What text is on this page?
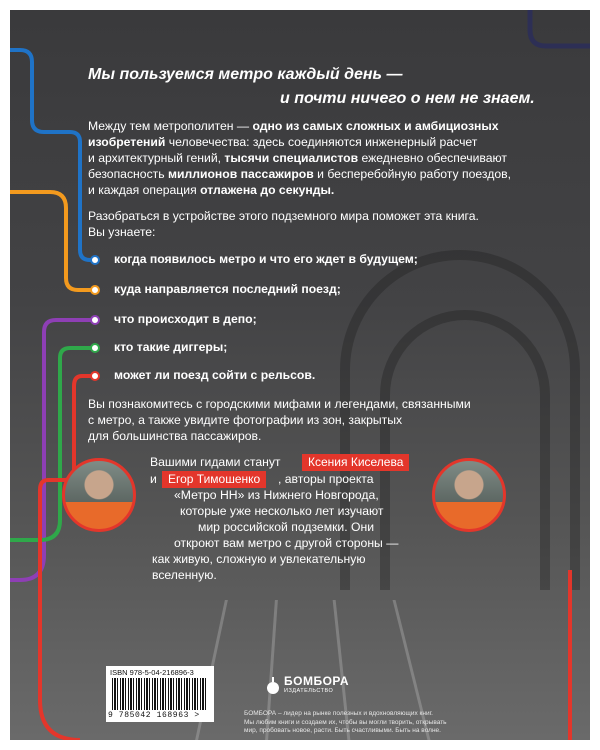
Мы пользуемся метро каждый день —
и почти ничего о нем не знаем.
Между тем метрополитен — одно из самых сложных и амбициозных
изобретений человечества: здесь соединяются инженерный расчет
и архитектурный гений, тысячи специалистов ежедневно обеспечивают
безопасность миллионов пассажиров и бесперебойную работу поездов,
и каждая операция отлажена до секунды.
Разобраться в устройстве этого подземного мира поможет эта книга.
Вы узнаете:
когда появилось метро и что его ждет в будущем;
куда направляется последний поезд;
что происходит в депо;
кто такие диггеры;
может ли поезд сойти с рельсов.
Вы познакомитесь с городскими мифами и легендами, связанными
с метро, а также увидите фотографии из зон, закрытых
для большинства пассажиров.
Вашими гидами станут	Ксения Киселева
и Егор Тимошенко	, авторы проекта
«Метро НН» из Нижнего Новгорода,
которые уже несколько лет изучают
мир российской подземки. Они
откроют вам метро с другой стороны —
как живую, сложную и увлекательную
вселенную.
ISBN 978-5-04-216896-3
9 785042 168963 >
БОМБОРА
ИЗДАТЕЛЬСТВО
БОМБОРА – лидер на рынке полезных и вдохновляющих книг.
Мы любим книги и создаем их, чтобы вы могли творить, открывать
мир, пробовать новое, расти. Быть счастливыми. Быть на волне.
